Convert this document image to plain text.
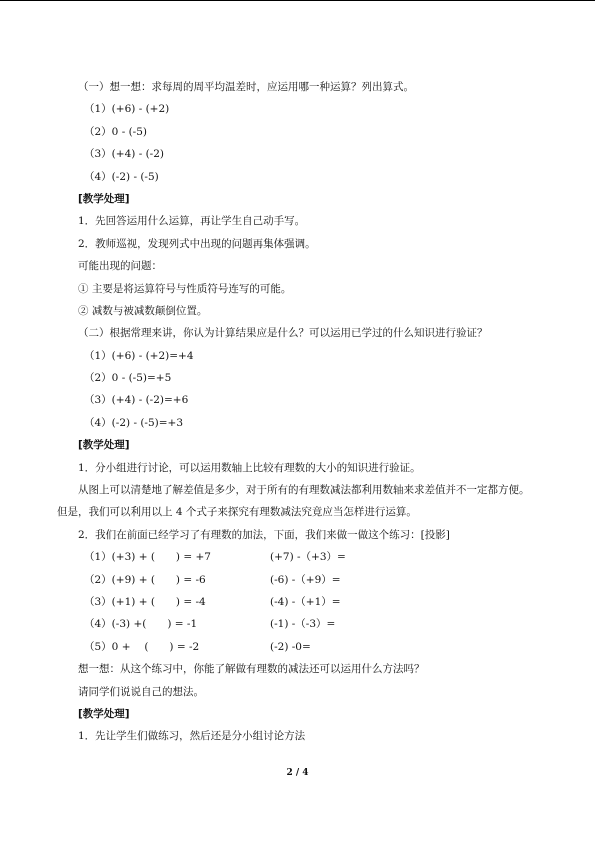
（一）想一想：求每周的周平均温差时，应运用哪一种运算？列出算式。
（1）(+6) - (+2)
（2）0 - (-5)
（3）(+4) - (-2)
（4）(-2) - (-5)
[教学处理]
1．先回答运用什么运算，再让学生自己动手写。
2．教师巡视，发现列式中出现的问题再集体强调。
可能出现的问题：
① 主要是将运算符号与性质符号连写的可能。
② 减数与被减数颠倒位置。
（二）根据常理来讲，你认为计算结果应是什么？可以运用已学过的什么知识进行验证？
（1）(+6) - (+2)=+4
（2）0 - (-5)=+5
（3）(+4) - (-2)=+6
（4）(-2) - (-5)=+3
[教学处理]
1．分小组进行讨论，可以运用数轴上比较有理数的大小的知识进行验证。
从图上可以清楚地了解差值是多少，对于所有的有理数减法都利用数轴来求差值并不一定都方便。但是，我们可以利用以上 4 个式子来探究有理数减法究竟应当怎样进行运算。
2．我们在前面已经学习了有理数的加法，下面，我们来做一做这个练习：[投影]
（1）(+3) + (　　) = +7	(+7) -（+3）=
（2）(+9) + (　　) = -6	(-6) -（+9）=
（3）(+1) + (　　) = -4	(-4) -（+1）=
（4）(-3) +(　　) = -1	(-1) -（-3）=
（5）0 + 　(　　) = -2	(-2) -0=
想一想：从这个练习中，你能了解做有理数的减法还可以运用什么方法吗？
请同学们说说自己的想法。
[教学处理]
1．先让学生们做练习，然后还是分小组讨论方法
2 / 4
